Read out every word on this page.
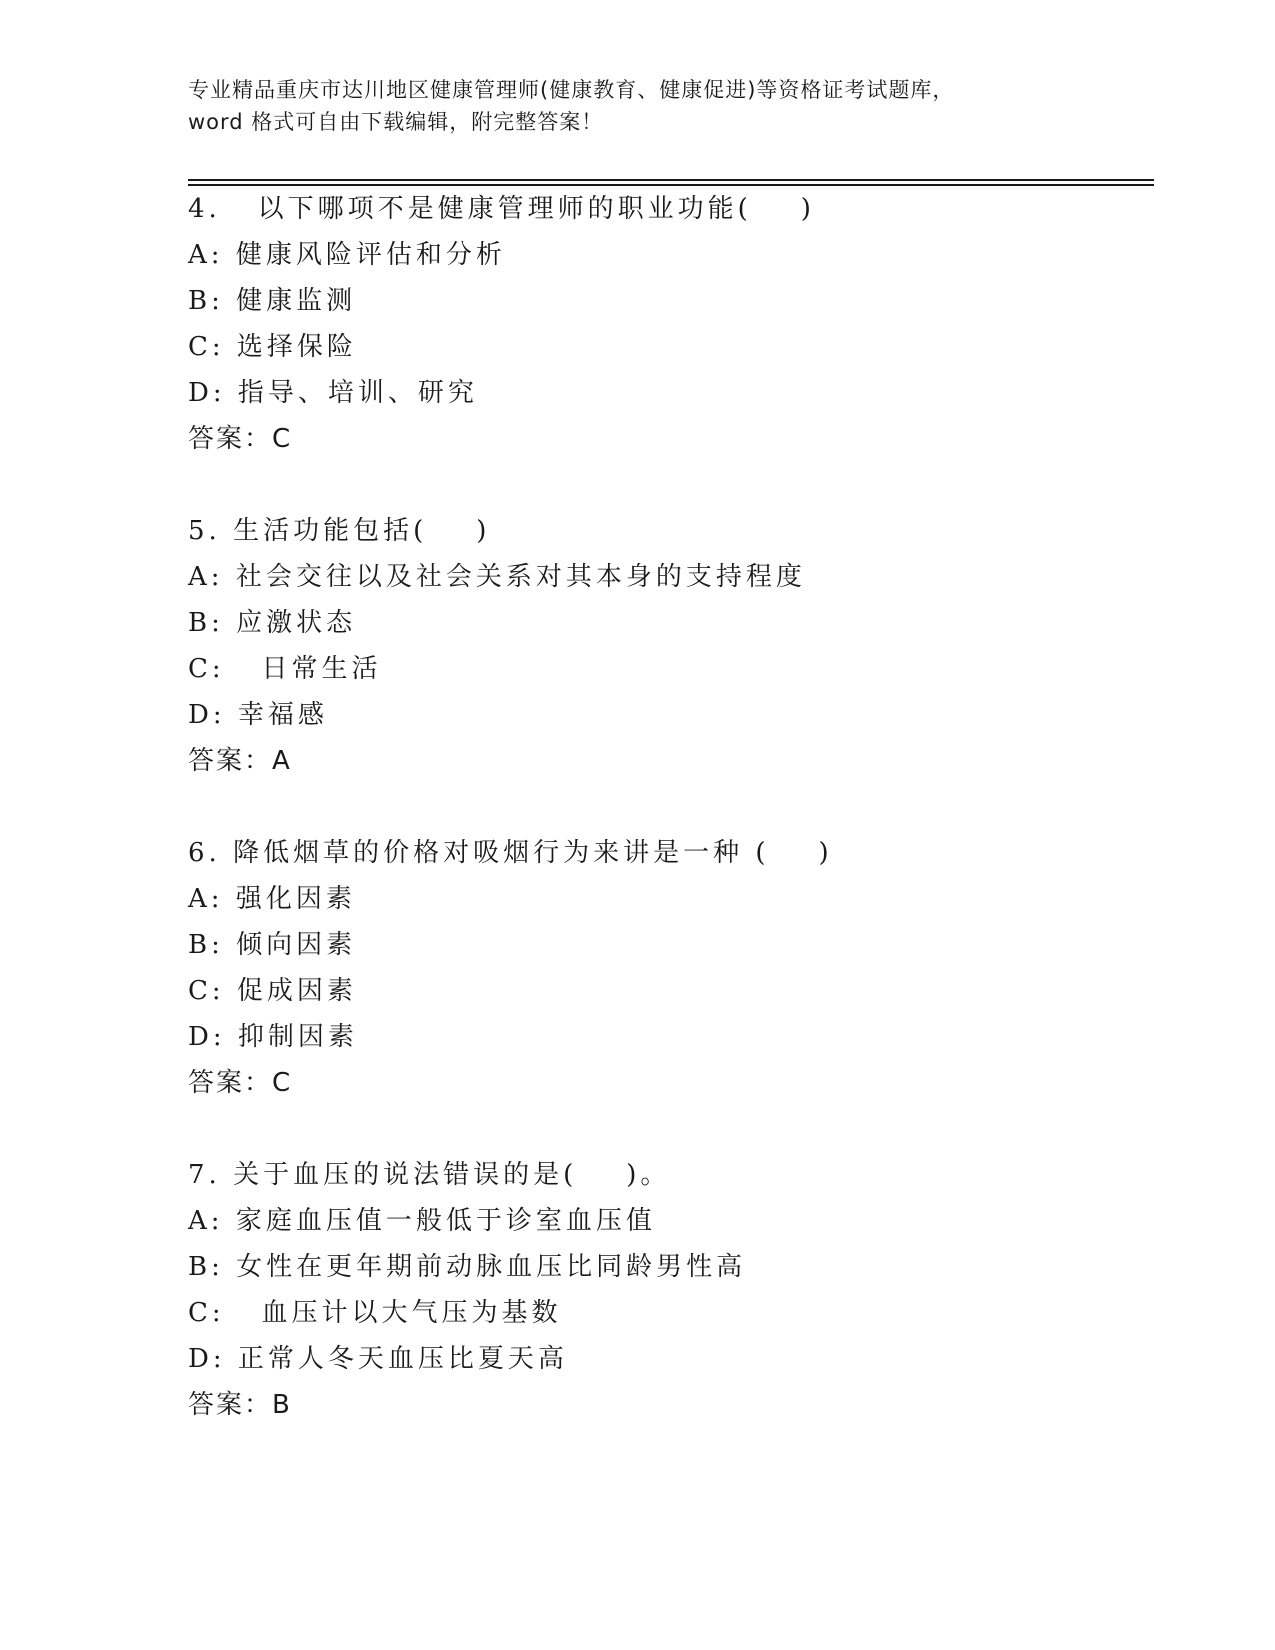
专业精品重庆市达川地区健康管理师(健康教育、健康促进)等资格证考试题库，
word 格式可自由下载编辑，附完整答案！
4.   以下哪项不是健康管理师的职业功能(    )
A: 健康风险评估和分析
B: 健康监测
C: 选择保险
D: 指导、培训、研究
答案：C
5. 生活功能包括(    )
A: 社会交往以及社会关系对其本身的支持程度
B: 应激状态
C:   日常生活
D: 幸福感
答案：A
6. 降低烟草的价格对吸烟行为来讲是一种 (    )
A: 强化因素
B: 倾向因素
C: 促成因素
D: 抑制因素
答案：C
7. 关于血压的说法错误的是(    )。
A: 家庭血压值一般低于诊室血压值
B: 女性在更年期前动脉血压比同龄男性高
C:   血压计以大气压为基数
D: 正常人冬天血压比夏天高
答案：B
